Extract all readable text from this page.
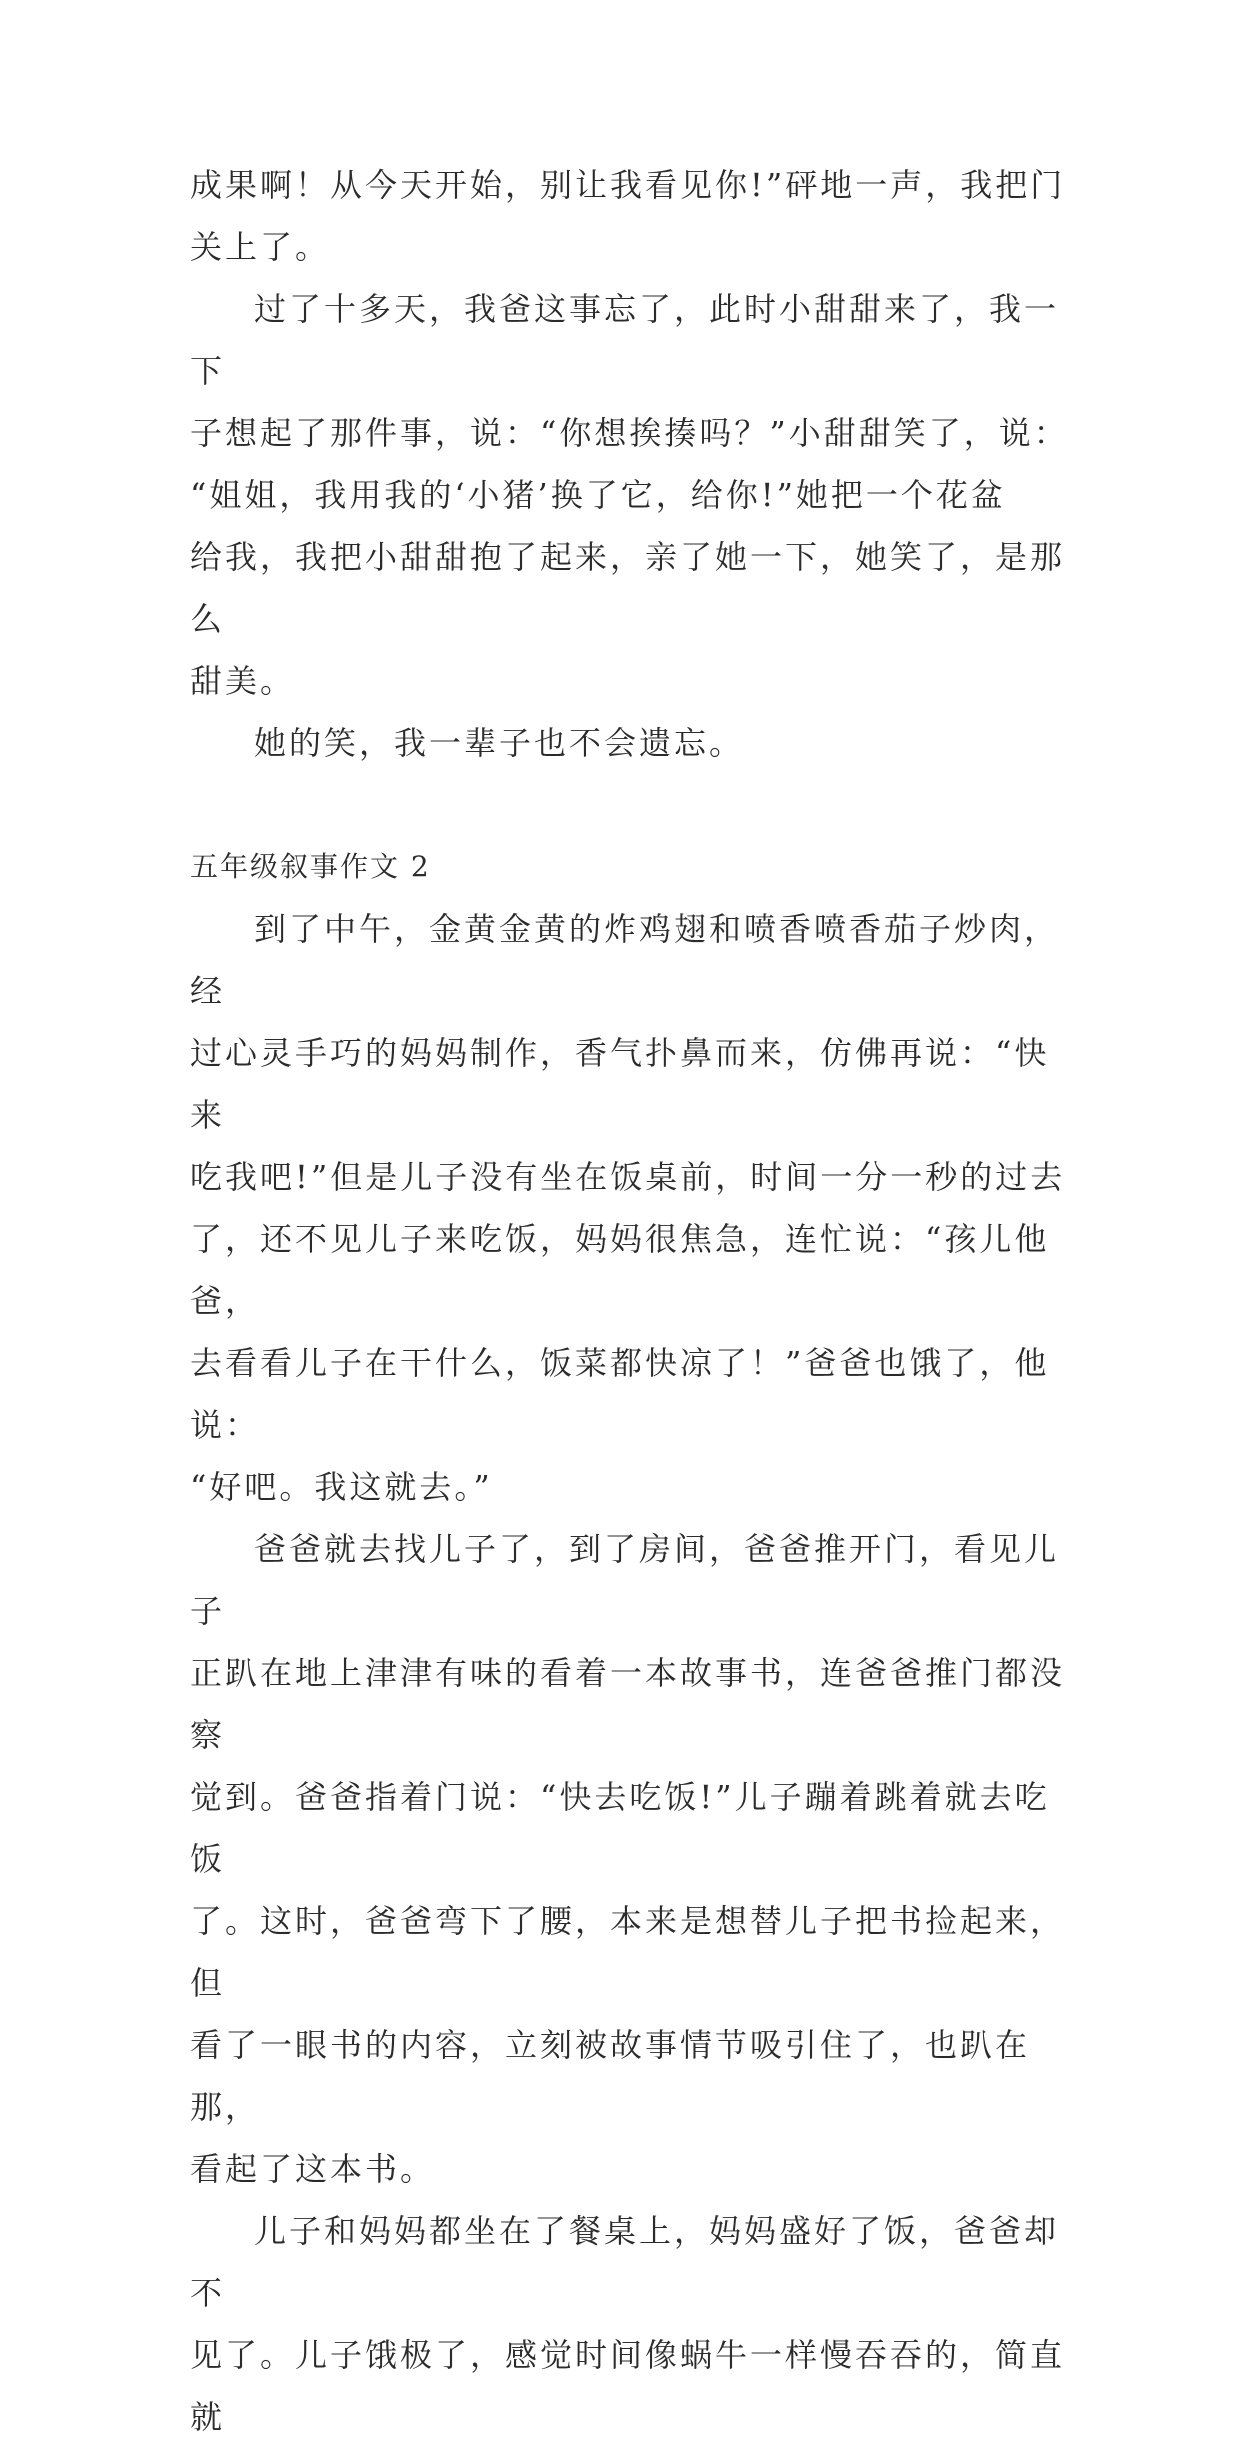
成果啊！从今天开始，别让我看见你!”砰地一声，我把门
关上了。

过了十多天，我爸这事忘了，此时小甜甜来了，我一下
子想起了那件事，说：“你想挨揍吗？”小甜甜笑了，说：
“姐姐，我用我的‘小猪’换了它，给你!”她把一个花盆
给我，我把小甜甜抱了起来，亲了她一下，她笑了，是那么
甜美。

她的笑，我一辈子也不会遗忘。

五年级叙事作文 2

到了中午，金黄金黄的炸鸡翅和喷香喷香茄子炒肉，经
过心灵手巧的妈妈制作，香气扑鼻而来，仿佛再说：“快来
吃我吧!”但是儿子没有坐在饭桌前，时间一分一秒的过去
了，还不见儿子来吃饭，妈妈很焦急，连忙说：“孩儿他爸，
去看看儿子在干什么，饭菜都快凉了！”爸爸也饿了，他说：
“好吧。我这就去。”

爸爸就去找儿子了，到了房间，爸爸推开门，看见儿子
正趴在地上津津有味的看着一本故事书，连爸爸推门都没察
觉到。爸爸指着门说：“快去吃饭!”儿子蹦着跳着就去吃饭
了。这时，爸爸弯下了腰，本来是想替儿子把书捡起来，但
看了一眼书的内容，立刻被故事情节吸引住了，也趴在那，
看起了这本书。

儿子和妈妈都坐在了餐桌上，妈妈盛好了饭，爸爸却不
见了。儿子饿极了，感觉时间像蜗牛一样慢吞吞的，简直就
